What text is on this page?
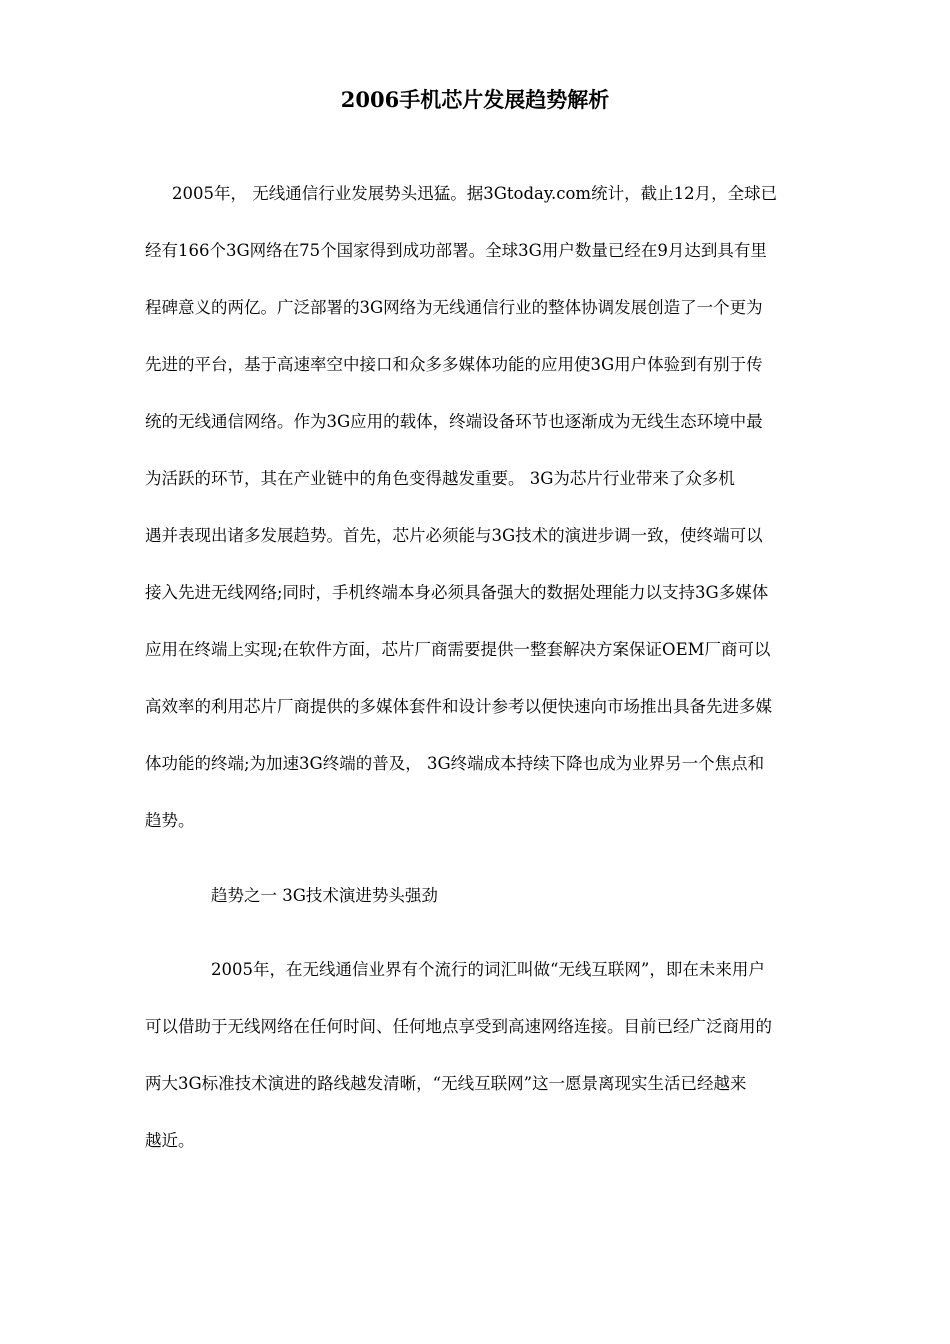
2006手机芯片发展趋势解析
2005年， 无线通信行业发展势头迅猛。据3Gtoday.com统计，截止12月，全球已
经有166个3G网络在75个国家得到成功部署。全球3G用户数量已经在9月达到具有里
程碑意义的两亿。广泛部署的3G网络为无线通信行业的整体协调发展创造了一个更为
先进的平台，基于高速率空中接口和众多多媒体功能的应用使3G用户体验到有别于传
统的无线通信网络。作为3G应用的载体，终端设备环节也逐渐成为无线生态环境中最
为活跃的环节，其在产业链中的角色变得越发重要。 3G为芯片行业带来了众多机
遇并表现出诸多发展趋势。首先，芯片必须能与3G技术的演进步调一致，使终端可以
接入先进无线网络;同时，手机终端本身必须具备强大的数据处理能力以支持3G多媒体
应用在终端上实现;在软件方面，芯片厂商需要提供一整套解决方案保证OEM厂商可以
高效率的利用芯片厂商提供的多媒体套件和设计参考以便快速向市场推出具备先进多媒
体功能的终端;为加速3G终端的普及， 3G终端成本持续下降也成为业界另一个焦点和
趋势。
趋势之一 3G技术演进势头强劲
2005年，在无线通信业界有个流行的词汇叫做“无线互联网”，即在未来用户
可以借助于无线网络在任何时间、任何地点享受到高速网络连接。目前已经广泛商用的
两大3G标准技术演进的路线越发清晰，“无线互联网”这一愿景离现实生活已经越来
越近。
